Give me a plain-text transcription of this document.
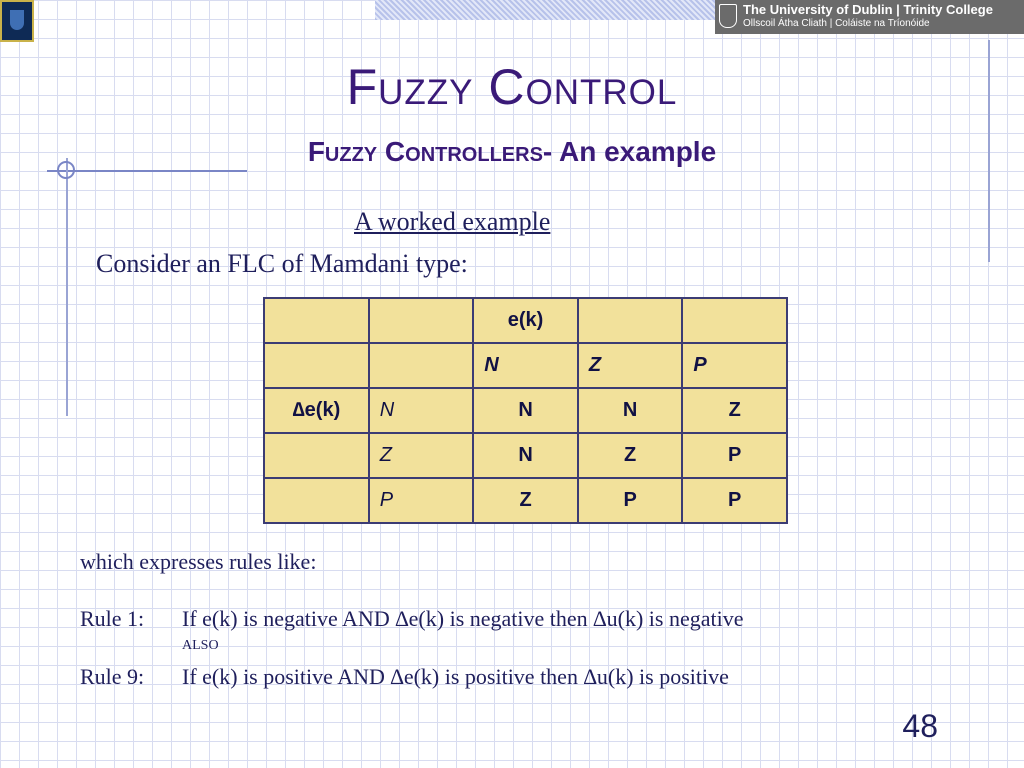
The University of Dublin | Trinity College
Ollscoil Átha Cliath | Coláiste na Tríonóide
Fuzzy Control
Fuzzy Controllers- An example
A worked example
Consider an FLC of Mamdani type:
		e(k)		
		N	Z	P
∆e(k)	N	N	N	Z
	Z	N	Z	P
	P	Z	P	P
which expresses rules like:
Rule 1: If e(k) is negative AND ∆e(k) is negative then ∆u(k) is negative
ALSO
Rule 9: If e(k) is positive AND ∆e(k) is positive then ∆u(k) is positive
48
